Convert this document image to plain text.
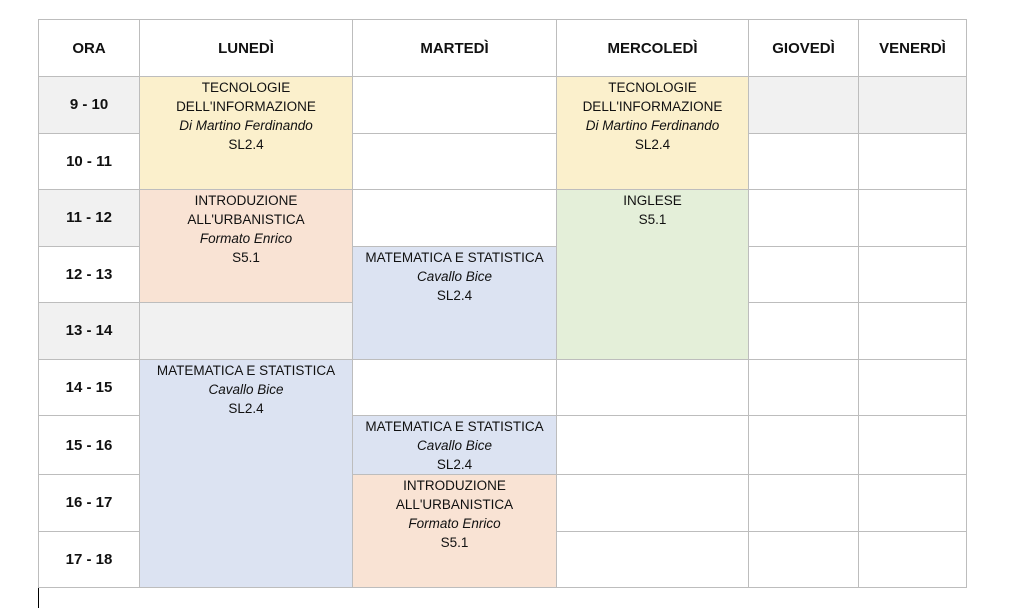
ORA	LUNEDÌ	MARTEDÌ	MERCOLEDÌ	GIOVEDÌ	VENERDÌ
9 - 10	TECNOLOGIE
DELL'INFORMAZIONE
Di Martino Ferdinando
SL2.4		TECNOLOGIE
DELL'INFORMAZIONE
Di Martino Ferdinando
SL2.4		

10 - 11					
11 - 12	INTRODUZIONE
ALL'URBANISTICA
Formato Enrico
S5.1		INGLESE
S5.1		

12 - 13		MATEMATICA E STATISTICA
Cavallo Bice
SL2.4			

13 - 14					
14 - 15	MATEMATICA E STATISTICA
Cavallo Bice
SL2.4				

15 - 16		MATEMATICA E STATISTICA
Cavallo Bice
SL2.4			

16 - 17		INTRODUZIONE
ALL'URBANISTICA
Formato Enrico
S5.1			

17 - 18					
